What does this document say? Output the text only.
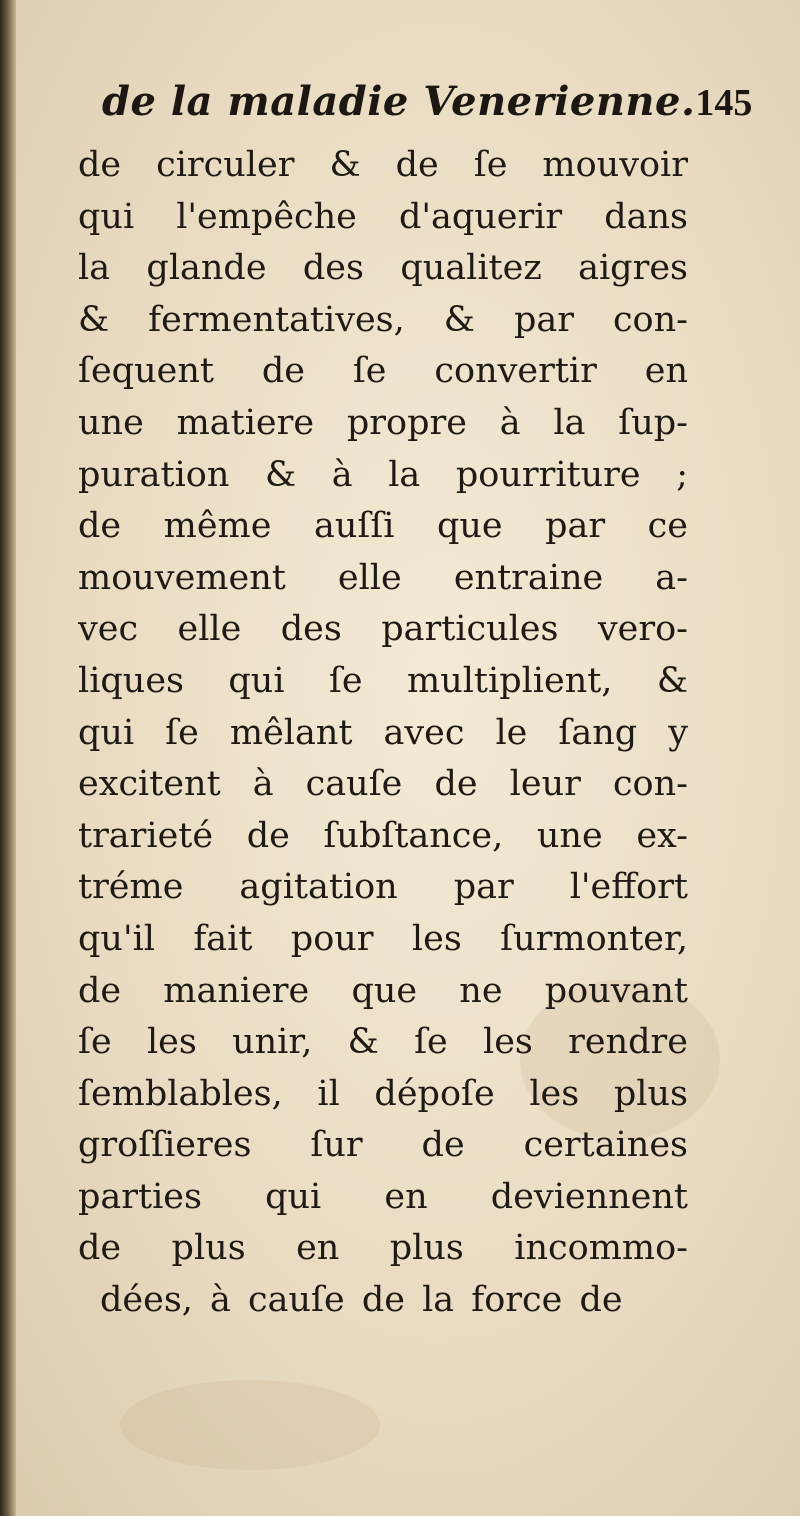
de la maladie Venerienne.145
de circuler & de ſe mouvoir
qui l'empêche d'aquerir dans
la glande des qualitez aigres
& fermentatives, & par con-
ſequent de ſe convertir en
une matiere propre à la ſup-
puration & à la pourriture ;
de même auſſi que par ce
mouvement elle entraine a-
vec elle des particules vero-
liques qui ſe multiplient, &
qui ſe mêlant avec le ſang y
excitent à cauſe de leur con-
trarieté de ſubſtance, une ex-
tréme agitation par l'effort
qu'il fait pour les ſurmonter,
de maniere que ne pouvant
ſe les unir, & ſe les rendre
ſemblables, il dépoſe les plus
groſſieres ſur de certaines
parties qui en deviennent
de plus en plus incommo-
dées, à cauſe de la force de
